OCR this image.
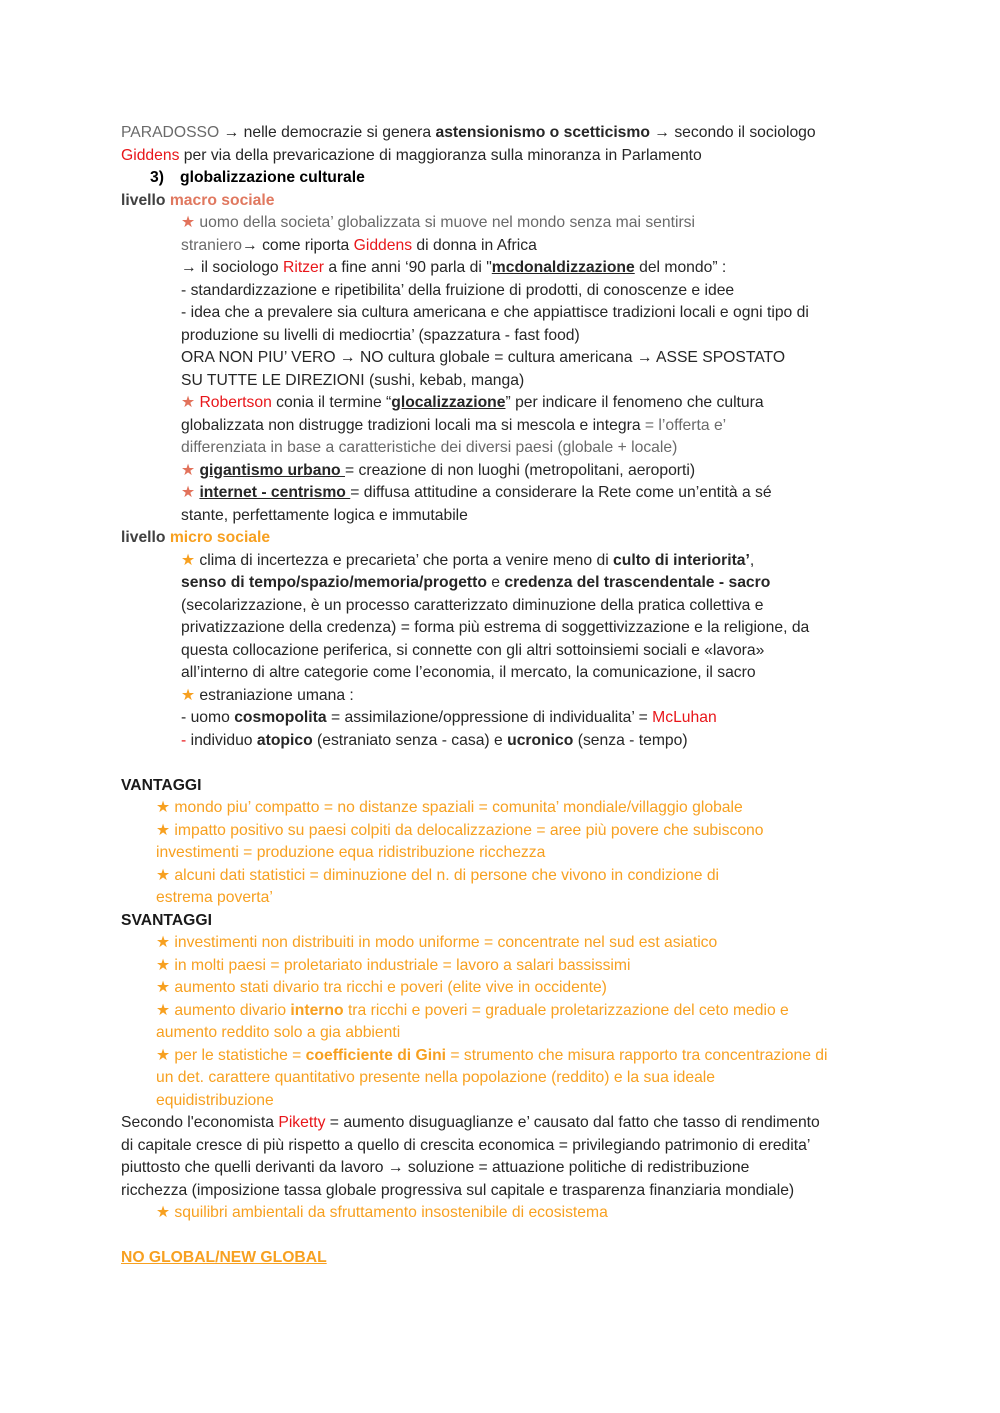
PARADOSSO → nelle democrazie si genera astensionismo o scetticismo → secondo il sociologo
Giddens per via della prevaricazione di maggioranza sulla minoranza in Parlamento
3) globalizzazione culturale
livello macro sociale
★ uomo della societa’ globalizzata si muove nel mondo senza mai sentirsi
straniero→ come riporta Giddens di donna in Africa
→ il sociologo Ritzer a fine anni ‘90 parla di "mcdonaldizzazione del mondo” :
- standardizzazione e ripetibilita’ della fruizione di prodotti, di conoscenze e idee
- idea che a prevalere sia cultura americana e che appiattisce tradizioni locali e ogni tipo di
produzione su livelli di mediocrtia’ (spazzatura - fast food)
ORA NON PIU’ VERO → NO cultura globale = cultura americana → ASSE SPOSTATO
SU TUTTE LE DIREZIONI (sushi, kebab, manga)
★ Robertson conia il termine “glocalizzazione” per indicare il fenomeno che cultura
globalizzata non distrugge tradizioni locali ma si mescola e integra = l’offerta e’
differenziata in base a caratteristiche dei diversi paesi (globale + locale)
★ gigantismo urbano = creazione di non luoghi (metropolitani, aeroporti)
★ internet - centrismo = diffusa attitudine a considerare la Rete come un’entità a sé
stante, perfettamente logica e immutabile
livello micro sociale
★ clima di incertezza e precarieta’ che porta a venire meno di culto di interiorita’,
senso di tempo/spazio/memoria/progetto e credenza del trascendentale - sacro
(secolarizzazione, è un processo caratterizzato diminuzione della pratica collettiva e
privatizzazione della credenza) = forma più estrema di soggettivizzazione e la religione, da
questa collocazione periferica, si connette con gli altri sottoinsiemi sociali e «lavora»
all’interno di altre categorie come l’economia, il mercato, la comunicazione, il sacro
★ estraniazione umana :
- uomo cosmopolita = assimilazione/oppressione di individualita’ = McLuhan
- individuo atopico (estraniato senza - casa) e ucronico (senza - tempo)
VANTAGGI
★ mondo piu’ compatto = no distanze spaziali = comunita’ mondiale/villaggio globale
★ impatto positivo su paesi colpiti da delocalizzazione = aree più povere che subiscono
investimenti = produzione equa ridistribuzione ricchezza
★ alcuni dati statistici = diminuzione del n. di persone che vivono in condizione di
estrema poverta’
SVANTAGGI
★ investimenti non distribuiti in modo uniforme = concentrate nel sud est asiatico
★ in molti paesi = proletariato industriale = lavoro a salari bassissimi
★ aumento stati divario tra ricchi e poveri (elite vive in occidente)
★ aumento divario interno tra ricchi e poveri = graduale proletarizzazione del ceto medio e
aumento reddito solo a gia abbienti
★ per le statistiche = coefficiente di Gini = strumento che misura rapporto tra concentrazione di
un det. carattere quantitativo presente nella popolazione (reddito) e la sua ideale
equidistribuzione
Secondo l'economista Piketty = aumento disuguaglianze e’ causato dal fatto che tasso di rendimento
di capitale cresce di più rispetto a quello di crescita economica = privilegiando patrimonio di eredita’
piuttosto che quelli derivanti da lavoro → soluzione = attuazione politiche di redistribuzione
ricchezza (imposizione tassa globale progressiva sul capitale e trasparenza finanziaria mondiale)
★ squilibri ambientali da sfruttamento insostenibile di ecosistema
NO GLOBAL/NEW GLOBAL
